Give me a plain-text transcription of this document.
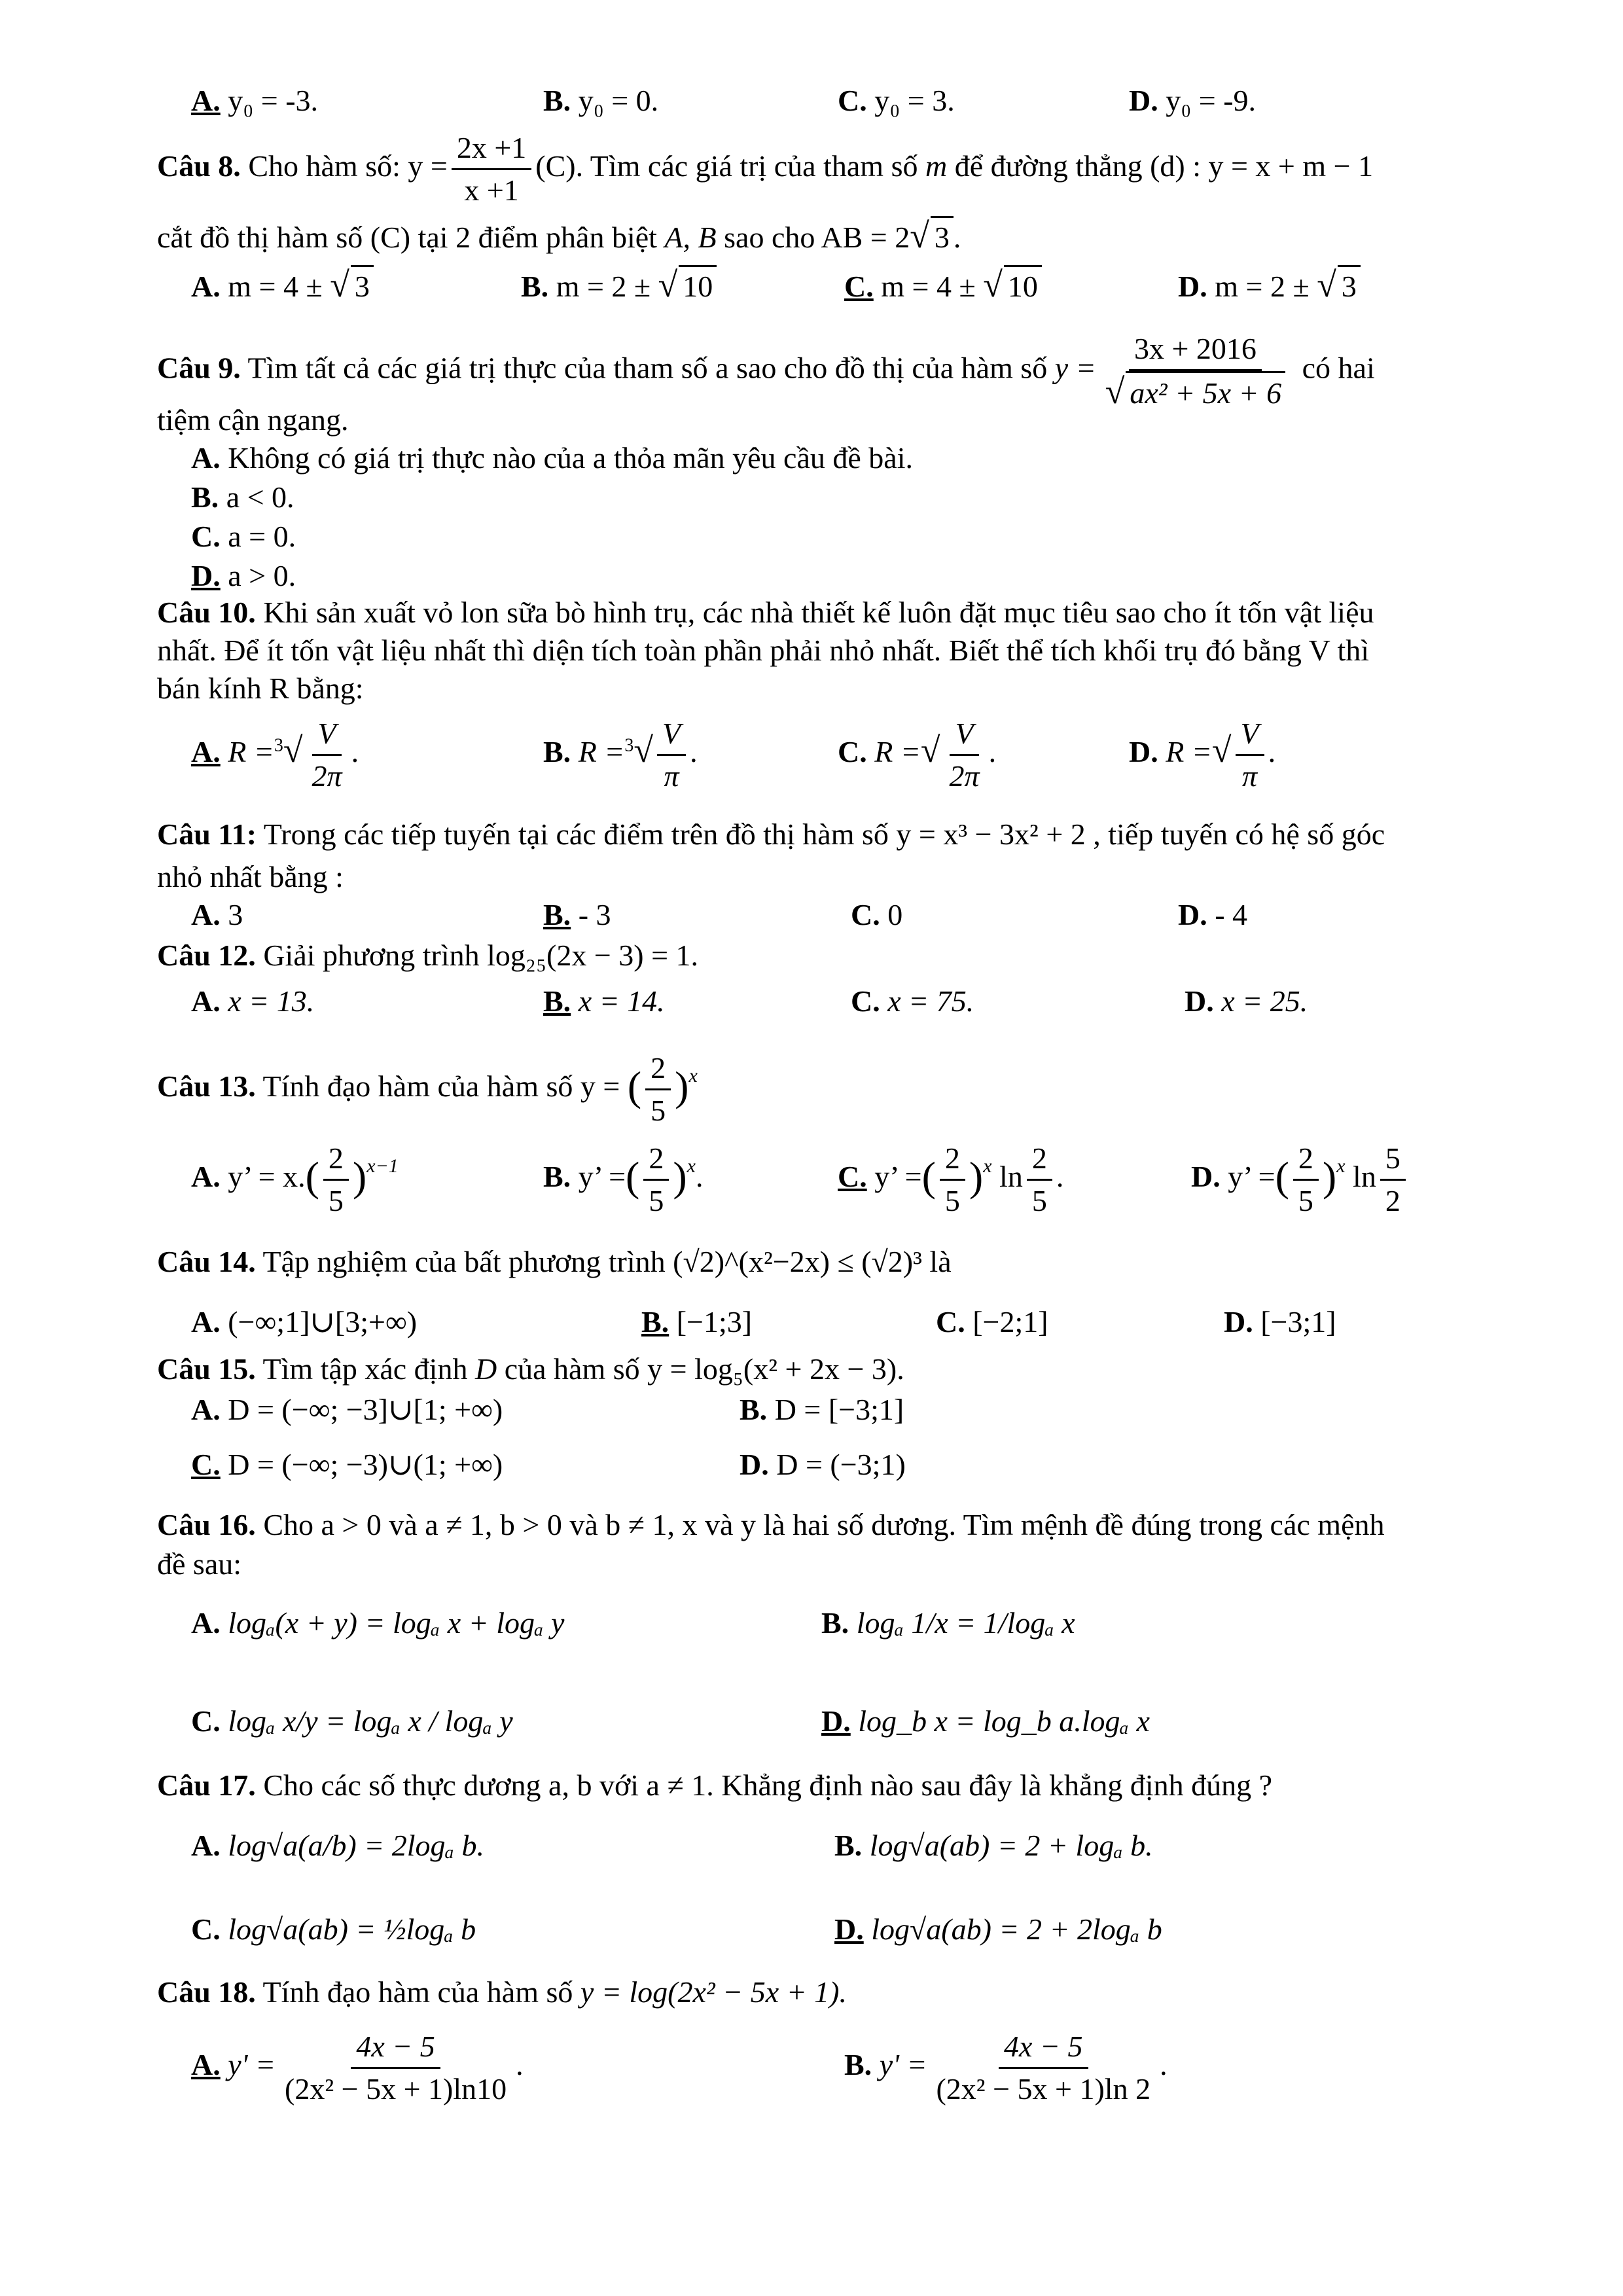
A. y₀ = -3.	B. y₀ = 0.	C. y₀ = 3.	D. y₀ = -9.
Câu 8. Cho hàm số: $y = \frac{2x +1}{x +1} (C)$. Tìm các giá trị của tham số m để đường thẳng (d) : y = x + m − 1
cắt đồ thị hàm số (C) tại 2 điểm phân biệt A, B sao cho AB = 2√ 3 .
A. m = 4 ± √ 3	B. m = 2 ± √ 10	C. m = 4 ± √ 10	D. m = 2 ± √ 3
Câu 9. Tìm tất cả các giá trị thực của tham số a sao cho đồ thị của hàm số $y = \frac{3x + 2016}{\text{√ ax² + 5x + 6}}$ có hai
tiệm cận ngang.
A. Không có giá trị thực nào của a thỏa mãn yêu cầu đề bài.
B. a < 0.
C. a = 0.
D. a > 0.
Câu 10. Khi sản xuất vỏ lon sữa bò hình trụ, các nhà thiết kế luôn đặt mục tiêu sao cho ít tốn vật liệu
nhất. Để ít tốn vật liệu nhất thì diện tích toàn phần phải nhỏ nhất. Biết thể tích khối trụ đó bằng V thì
bán kính R bằng:
A. $R =^3√ \frac{V}{2\pi}$ .	B. $R =^3√ \frac{V}{\pi}$ .	C. R =√ $\frac{V}{2\pi}$ .	D. R =√ $\frac{V}{\pi}$ .
Câu 11: Trong các tiếp tuyến tại các điểm trên đồ thị hàm số y = x³ − 3x² + 2 , tiếp tuyến có hệ số góc
nhỏ nhất bằng :
A. 3	B. - 3	C. 0	D. - 4
Câu 12. Giải phương trình log₂₅(2x − 3) = 1.
A. x = 13.	B. x = 14.	C. x = 75.	D. x = 25.
Câu 13. Tính đạo hàm của hàm số y = ( $\frac{2}{5} )^x$
A. y’ = $x.( \frac{2}{5} )^{x-1}$	B. y’ =( $\frac{2}{5} )^x$.	C. y’ =( $\frac{2}{5} )^x$ $\ln \frac{2}{5}$ .	D. y’ =( $\frac{2}{5} )^x$ $\ln \frac{5}{2}$
Câu 14. Tập nghiệm của bất phương trình (√2)^(x²−2x) ≤ (√2)³ là
A. (−∞;1]∪[3;+∞)	B. [−1;3]	C. [−2;1]	D. [−3;1]
Câu 15. Tìm tập xác định D của hàm số y = log₅(x² + 2x − 3).
A. D = (−∞; −3]∪[1; +∞)	B. D = [−3;1]
C. D = (−∞; −3)∪(1; +∞)	D. D = (−3;1)
Câu 16. Cho a > 0 và a ≠ 1, b > 0 và b ≠ 1, x và y là hai số dương. Tìm mệnh đề đúng trong các mệnh
đề sau:
A. logₐ(x + y) = logₐ x + logₐ y	B. logₐ 1/x = 1/logₐ x
C. logₐ x/y = logₐ x / logₐ y	D. log_b x = log_b a.logₐ x
Câu 17. Cho các số thực dương a, b với a ≠ 1. Khẳng định nào sau đây là khẳng định đúng ?
A. log√a(a/b) = 2logₐ b.	B. log√a(ab) = 2 + logₐ b.
C. log√a(ab) = ½logₐ b	D. log√a(ab) = 2 + 2logₐ b
Câu 18. Tính đạo hàm của hàm số y = log(2x² − 5x + 1).
A. $y' = \frac{4x - 5}{\text{(2x² − 5x + 1)ln10}}$ .	B. $y' = \frac{4x - 5}{\text{(2x² − 5x + 1)ln 2}}$ .
